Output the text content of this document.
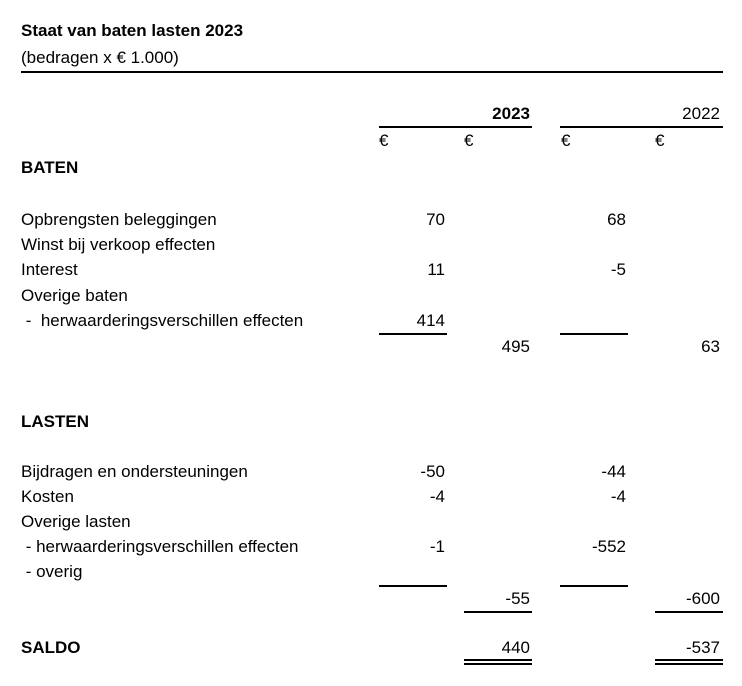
Staat van baten lasten 2023
(bedragen x € 1.000)
2023	2022
€	€	€	€
BATEN
Opbrengsten beleggingen	70	68
Winst bij verkoop effecten
Interest	11	-5
Overige baten
-  herwaarderingsverschillen effecten	414
495	63
LASTEN
Bijdragen en ondersteuningen	-50	-44
Kosten	-4	-4
Overige lasten
- herwaarderingsverschillen effecten	-1	-552
- overig
-55	-600
SALDO	440	-537
